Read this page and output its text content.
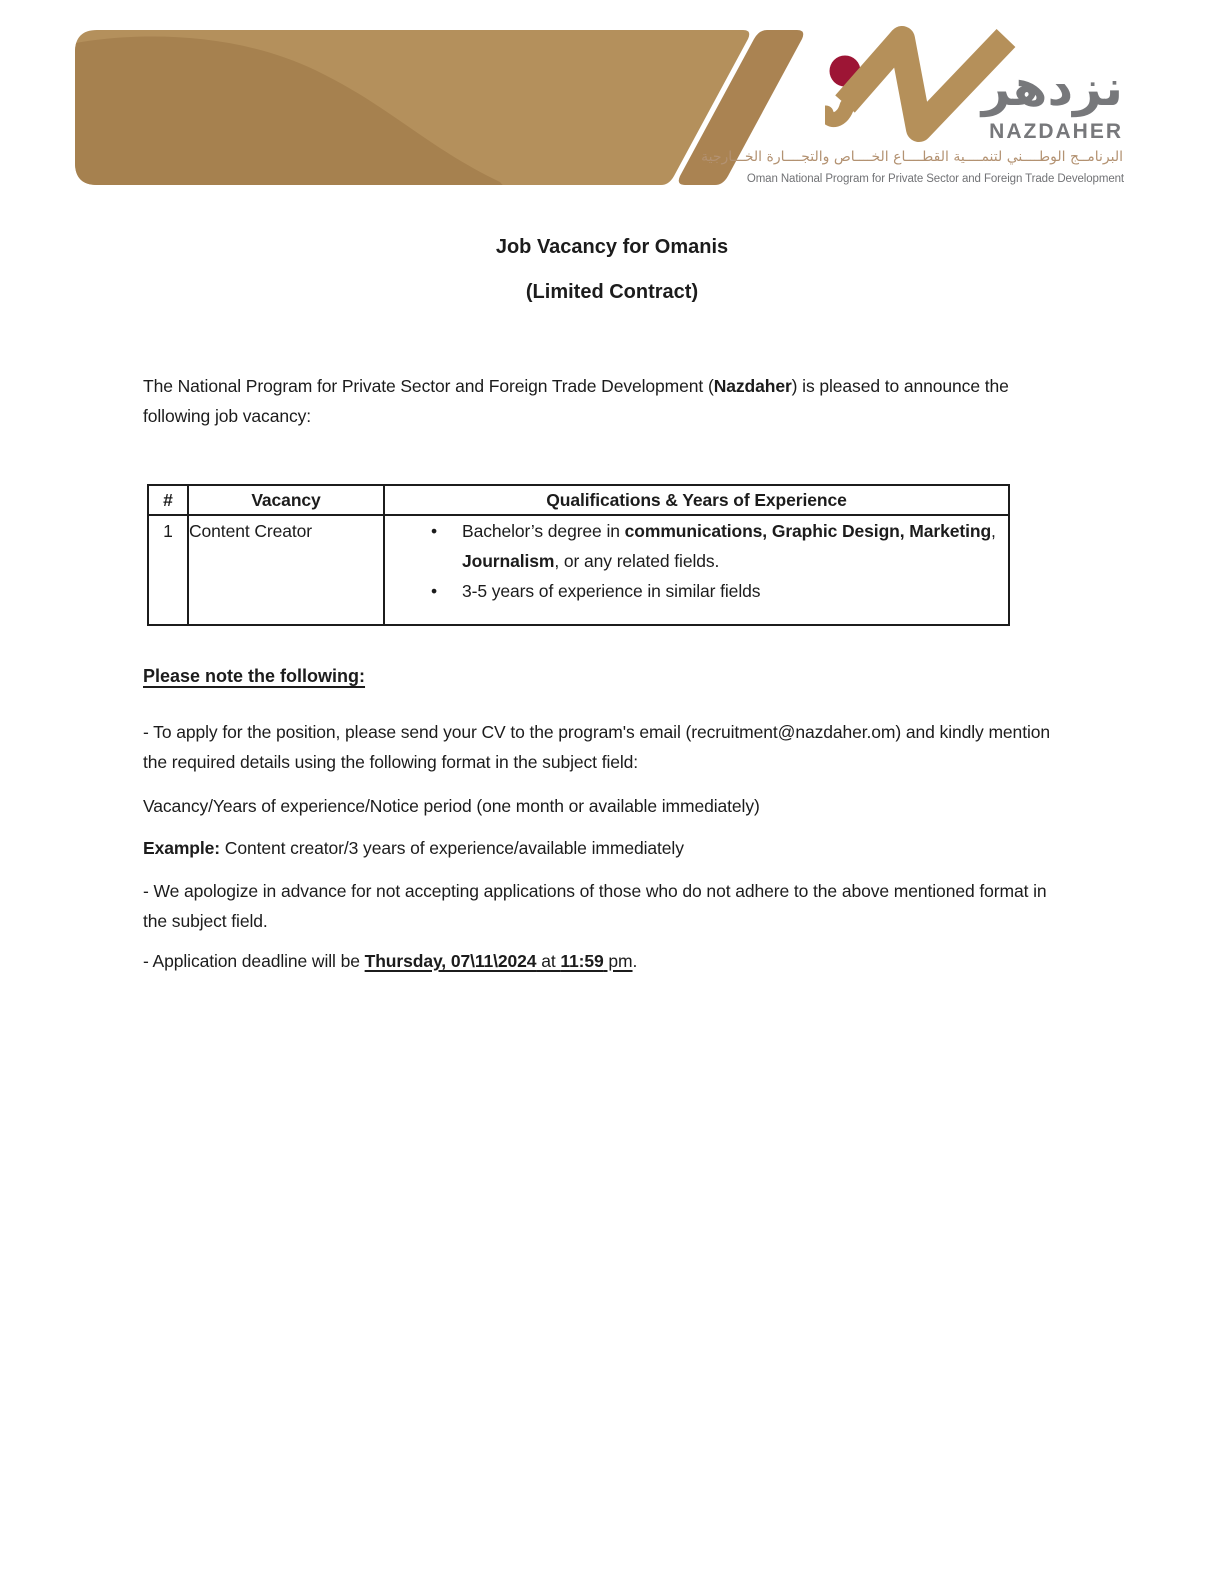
نزدهر
NAZDAHER
البرنامــج الوطــــني لتنمــــية القطــــاع الخــــاص والتجــــارة الخـــارجية
Oman National Program for Private Sector and Foreign Trade Development
Job Vacancy for Omanis
(Limited Contract)

The National Program for Private Sector and Foreign Trade Development (Nazdaher) is pleased to announce the following job vacancy:

#	Vacancy	Qualifications & Years of Experience
1	Content Creator	
•Bachelor’s degree in communications, Graphic Design, Marketing, Journalism, or any related fields.
• 3-5 years of experience in similar fields
Please note the following:

- To apply for the position, please send your CV to the program's email (recruitment@nazdaher.om) and kindly mention the required details using the following format in the subject field:

Vacancy/Years of experience/Notice period (one month or available immediately)

Example: Content creator/3 years of experience/available immediately

- We apologize in advance for not accepting applications of those who do not adhere to the above mentioned format in the subject field.

- Application deadline will be Thursday, 07\11\2024 at 11:59 pm.
